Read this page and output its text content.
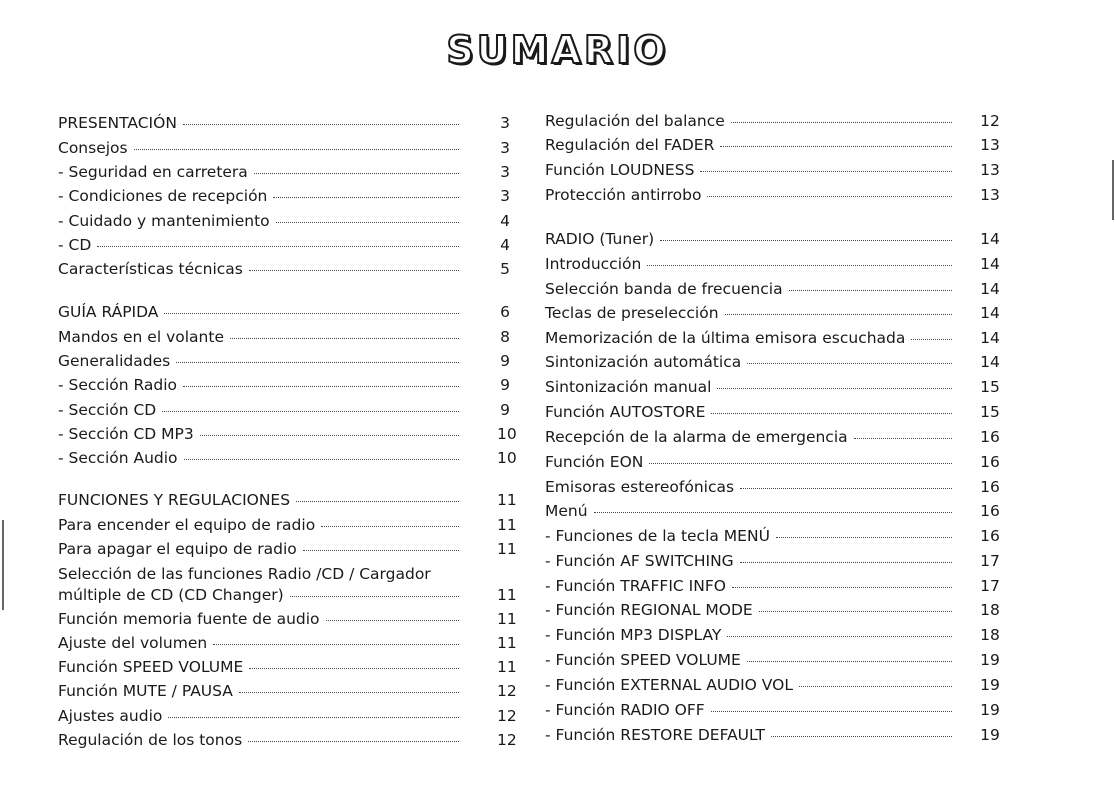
SUMARIO
PRESENTACIÓN	3
Consejos	3
- Seguridad en carretera	3
- Condiciones de recepción	3
- Cuidado y mantenimiento	4
- CD	4
Características técnicas	5
GUÍA RÁPIDA	6
Mandos en el volante	8
Generalidades	9
- Sección Radio	9
- Sección CD	9
- Sección CD MP3	10
- Sección Audio	10
FUNCIONES Y REGULACIONES	11
Para encender el equipo de radio	11
Para apagar el equipo de radio	11
Selección de las funciones Radio /CD / Cargador
múltiple de CD (CD Changer)	11
Función memoria fuente de audio	11
Ajuste del volumen	11
Función SPEED VOLUME	11
Función MUTE / PAUSA	12
Ajustes audio	12
Regulación de los tonos	12
Regulación del balance	12
Regulación del FADER	13
Función LOUDNESS	13
Protección antirrobo	13
RADIO (Tuner)	14
Introducción	14
Selección banda de frecuencia	14
Teclas de preselección	14
Memorización de la última emisora escuchada	14
Sintonización automática	14
Sintonización manual	15
Función AUTOSTORE	15
Recepción de la alarma de emergencia	16
Función EON	16
Emisoras estereofónicas	16
Menú	16
- Funciones de la tecla MENÚ	16
- Función AF SWITCHING	17
- Función TRAFFIC INFO	17
- Función REGIONAL MODE	18
- Función MP3 DISPLAY	18
- Función SPEED VOLUME	19
- Función EXTERNAL AUDIO VOL	19
- Función RADIO OFF	19
- Función RESTORE DEFAULT	19
